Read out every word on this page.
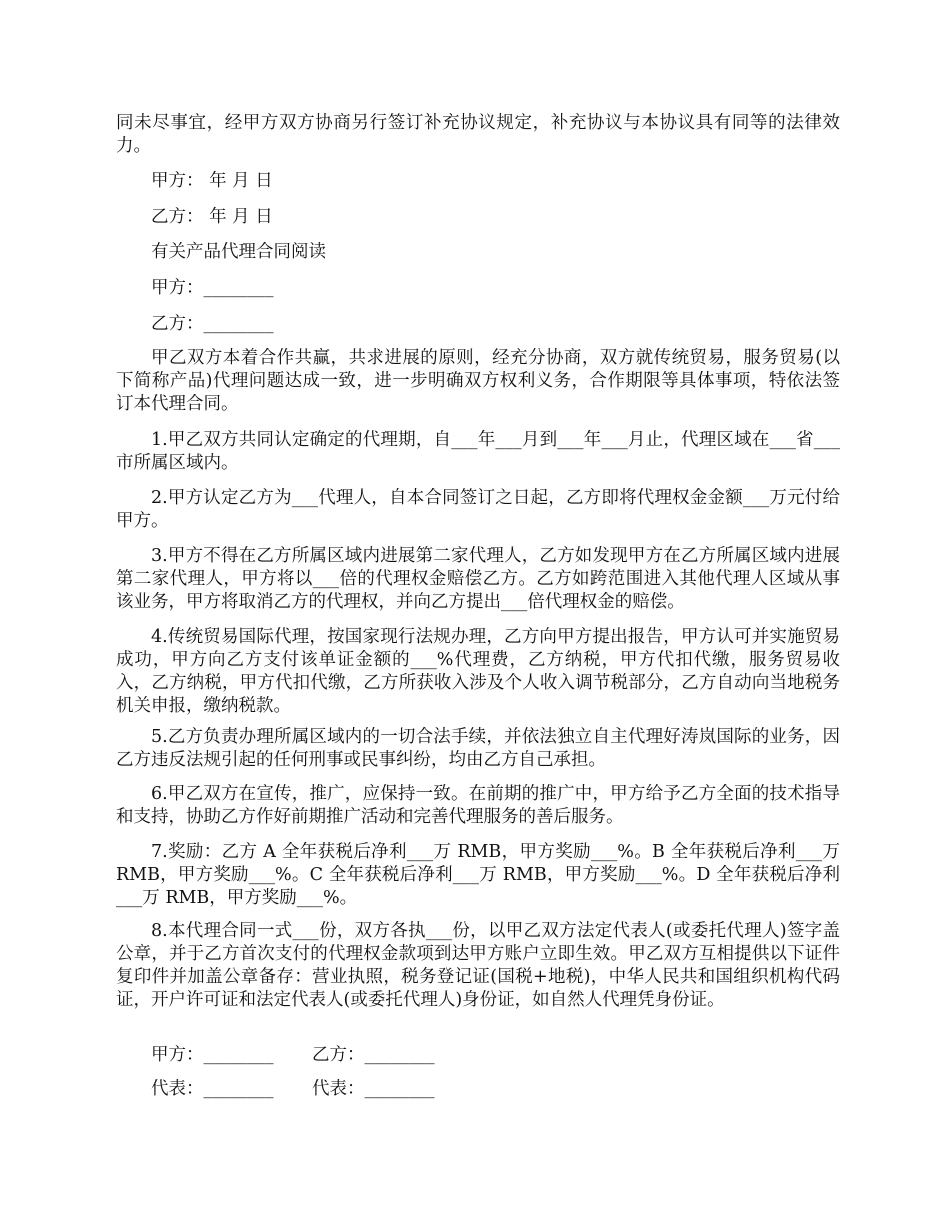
同未尽事宜，经甲方双方协商另行签订补充协议规定，补充协议与本协议具有同等的法律效力。

甲方： 年 月 日
乙方： 年 月 日
有关产品代理合同阅读
甲方：________
乙方：________

甲乙双方本着合作共赢，共求进展的原则，经充分协商，双方就传统贸易，服务贸易(以下简称产品)代理问题达成一致，进一步明确双方权利义务，合作期限等具体事项，特依法签订本代理合同。

1.甲乙双方共同认定确定的代理期，自___年___月到___年___月止，代理区域在___省___市所属区域内。

2.甲方认定乙方为___代理人，自本合同签订之日起，乙方即将代理权金金额___万元付给甲方。

3.甲方不得在乙方所属区域内进展第二家代理人，乙方如发现甲方在乙方所属区域内进展第二家代理人，甲方将以___倍的代理权金赔偿乙方。乙方如跨范围进入其他代理人区域从事该业务，甲方将取消乙方的代理权，并向乙方提出___倍代理权金的赔偿。

4.传统贸易国际代理，按国家现行法规办理，乙方向甲方提出报告，甲方认可并实施贸易成功，甲方向乙方支付该单证金额的___%代理费，乙方纳税，甲方代扣代缴，服务贸易收入，乙方纳税，甲方代扣代缴，乙方所获收入涉及个人收入调节税部分，乙方自动向当地税务机关申报，缴纳税款。

5.乙方负责办理所属区域内的一切合法手续，并依法独立自主代理好涛岚国际的业务，因乙方违反法规引起的任何刑事或民事纠纷，均由乙方自己承担。

6.甲乙双方在宣传，推广，应保持一致。在前期的推广中，甲方给予乙方全面的技术指导和支持，协助乙方作好前期推广活动和完善代理服务的善后服务。

7.奖励：乙方 A 全年获税后净利___万 RMB，甲方奖励___%。B 全年获税后净利___万RMB，甲方奖励___%。C 全年获税后净利___万 RMB，甲方奖励___%。D 全年获税后净利___万 RMB，甲方奖励___%。

8.本代理合同一式___份，双方各执___份，以甲乙双方法定代表人(或委托代理人)签字盖公章，并于乙方首次支付的代理权金款项到达甲方账户立即生效。甲乙双方互相提供以下证件复印件并加盖公章备存：营业执照，税务登记证(国税+地税)，中华人民共和国组织机构代码证，开户许可证和法定代表人(或委托代理人)身份证，如自然人代理凭身份证。

甲方：________ 乙方：________
代表：________ 代表：________
